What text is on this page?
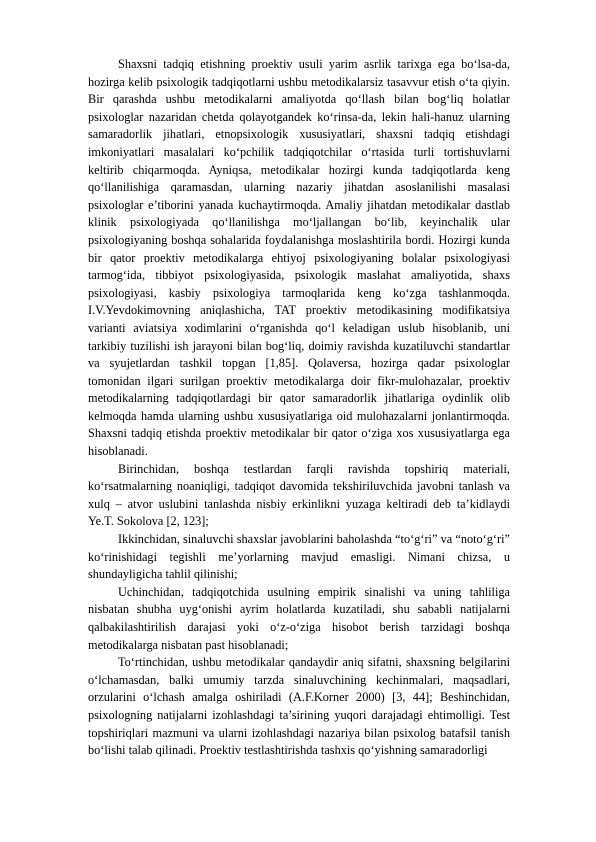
Shaxsni tadqiq etishning proektiv usuli yarim asrlik tarixga ega bo‘lsa-da, hozirga kelib psixologik tadqiqotlarni ushbu metodikalarsiz tasavvur etish o‘ta qiyin. Bir qarashda ushbu metodikalarni amaliyotda qo‘llash bilan bog‘liq holatlar psixologlar nazaridan chetda qolayotgandek ko‘rinsa-da, lekin hali-hanuz ularning samaradorlik jihatlari, etnopsixologik xususiyatlari, shaxsni tadqiq etishdagi imkoniyatlari masalalari ko‘pchilik tadqiqotchilar o‘rtasida turli tortishuvlarni keltirib chiqarmoqda. Ayniqsa, metodikalar hozirgi kunda tadqiqotlarda keng qo‘llanilishiga qaramasdan, ularning nazariy jihatdan asoslanilishi masalasi psixologlar e’tiborini yanada kuchaytirmoqda. Amaliy jihatdan metodikalar dastlab klinik psixologiyada qo‘llanilishga mo‘ljallangan bo‘lib, keyinchalik ular psixologiyaning boshqa sohalarida foydalanishga moslashtirila bordi. Hozirgi kunda bir qator proektiv metodikalarga ehtiyoj psixologiyaning bolalar psixologiyasi tarmog‘ida, tibbiyot psixologiyasida, psixologik maslahat amaliyotida, shaxs psixologiyasi, kasbiy psixologiya tarmoqlarida keng ko‘zga tashlanmoqda. I.V.Yevdokimovning aniqlashicha, TAT proektiv metodikasining modifikatsiya varianti aviatsiya xodimlarini o‘rganishda qo‘l keladigan uslub hisoblanib, uni tarkibiy tuzilishi ish jarayoni bilan bog‘liq, doimiy ravishda kuzatiluvchi standartlar va syujetlardan tashkil topgan [1,85]. Qolaversa, hozirga qadar psixologlar tomonidan ilgari surilgan proektiv metodikalarga doir fikr-mulohazalar, proektiv metodikalarning tadqiqotlardagi bir qator samaradorlik jihatlariga oydinlik olib kelmoqda hamda ularning ushbu xususiyatlariga oid mulohazalarni jonlantirmoqda. Shaxsni tadqiq etishda proektiv metodikalar bir qator o‘ziga xos xususiyatlarga ega hisoblanadi.

Birinchidan, boshqa testlardan farqli ravishda topshiriq materiali, ko‘rsatmalarning noaniqligi, tadqiqot davomida tekshiriluvchida javobni tanlash va xulq – atvor uslubini tanlashda nisbiy erkinlikni yuzaga keltiradi deb ta’kidlaydi Ye.T. Sokolova [2, 123];

Ikkinchidan, sinaluvchi shaxslar javoblarini baholashda “to‘g‘ri” va “noto‘g‘ri” ko‘rinishidagi tegishli me’yorlarning mavjud emasligi. Nimani chizsa, u shundayligicha tahlil qilinishi;

Uchinchidan, tadqiqotchida usulning empirik sinalishi va uning tahliliga nisbatan shubha uyg‘onishi ayrim holatlarda kuzatiladi, shu sababli natijalarni qalbakilashtirilish darajasi yoki o‘z-o‘ziga hisobot berish tarzidagi boshqa metodikalarga nisbatan past hisoblanadi;

To‘rtinchidan, ushbu metodikalar qandaydir aniq sifatni, shaxsning belgilarini o‘lchamasdan, balki umumiy tarzda sinaluvchining kechinmalari, maqsadlari, orzularini o‘lchash amalga oshiriladi (A.F.Korner 2000) [3, 44]; Beshinchidan, psixologning natijalarni izohlashdagi ta’sirining yuqori darajadagi ehtimolligi. Test topshiriqlari mazmuni va ularni izohlashdagi nazariya bilan psixolog batafsil tanish bo‘lishi talab qilinadi. Proektiv testlashtirishda tashxis qo‘yishning samaradorligi
